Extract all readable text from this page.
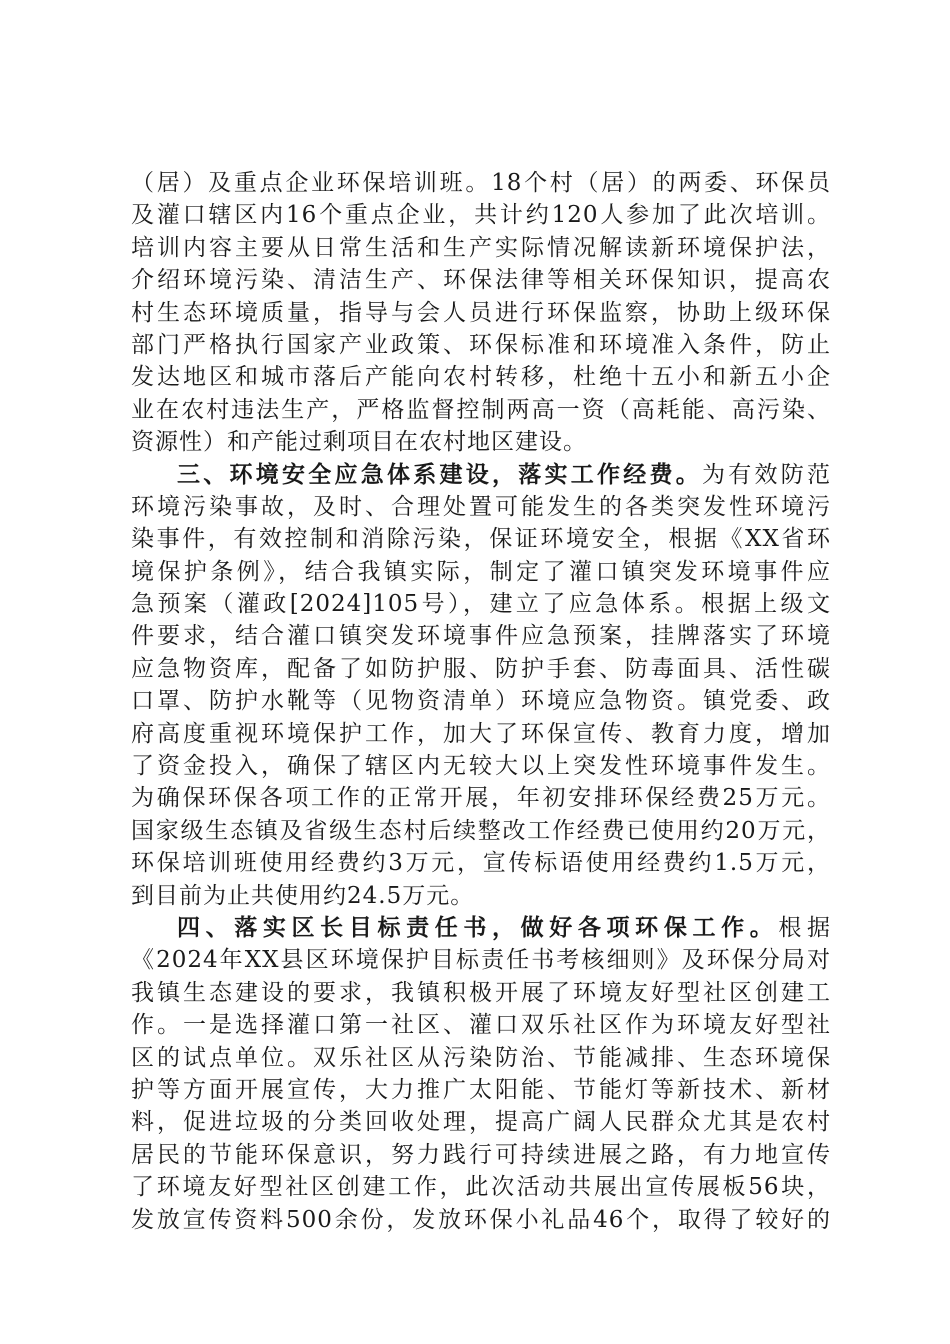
（居）及重点企业环保培训班。18个村（居）的两委、环保员
及灌口辖区内16个重点企业，共计约120人参加了此次培训。
培训内容主要从日常生活和生产实际情况解读新环境保护法，
介绍环境污染、清洁生产、环保法律等相关环保知识，提高农
村生态环境质量，指导与会人员进行环保监察，协助上级环保
部门严格执行国家产业政策、环保标准和环境准入条件，防止
发达地区和城市落后产能向农村转移，杜绝十五小和新五小企
业在农村违法生产，严格监督控制两高一资（高耗能、高污染、
资源性）和产能过剩项目在农村地区建设。
三、环境安全应急体系建设，落实工作经费。为有效防范
环境污染事故，及时、合理处置可能发生的各类突发性环境污
染事件，有效控制和消除污染，保证环境安全，根据《XX省环
境保护条例》，结合我镇实际，制定了灌口镇突发环境事件应
急预案（灌政[2024]105号），建立了应急体系。根据上级文
件要求，结合灌口镇突发环境事件应急预案，挂牌落实了环境
应急物资库，配备了如防护服、防护手套、防毒面具、活性碳
口罩、防护水靴等（见物资清单）环境应急物资。镇党委、政
府高度重视环境保护工作，加大了环保宣传、教育力度，增加
了资金投入，确保了辖区内无较大以上突发性环境事件发生。
为确保环保各项工作的正常开展，年初安排环保经费25万元。
国家级生态镇及省级生态村后续整改工作经费已使用约20万元，
环保培训班使用经费约3万元，宣传标语使用经费约1.5万元，
到目前为止共使用约24.5万元。
四、落实区长目标责任书，做好各项环保工作。根据
《2024年XX县区环境保护目标责任书考核细则》及环保分局对
我镇生态建设的要求，我镇积极开展了环境友好型社区创建工
作。一是选择灌口第一社区、灌口双乐社区作为环境友好型社
区的试点单位。双乐社区从污染防治、节能减排、生态环境保
护等方面开展宣传，大力推广太阳能、节能灯等新技术、新材
料，促进垃圾的分类回收处理，提高广阔人民群众尤其是农村
居民的节能环保意识，努力践行可持续进展之路，有力地宣传
了环境友好型社区创建工作，此次活动共展出宣传展板56块，
发放宣传资料500余份，发放环保小礼品46个，取得了较好的
